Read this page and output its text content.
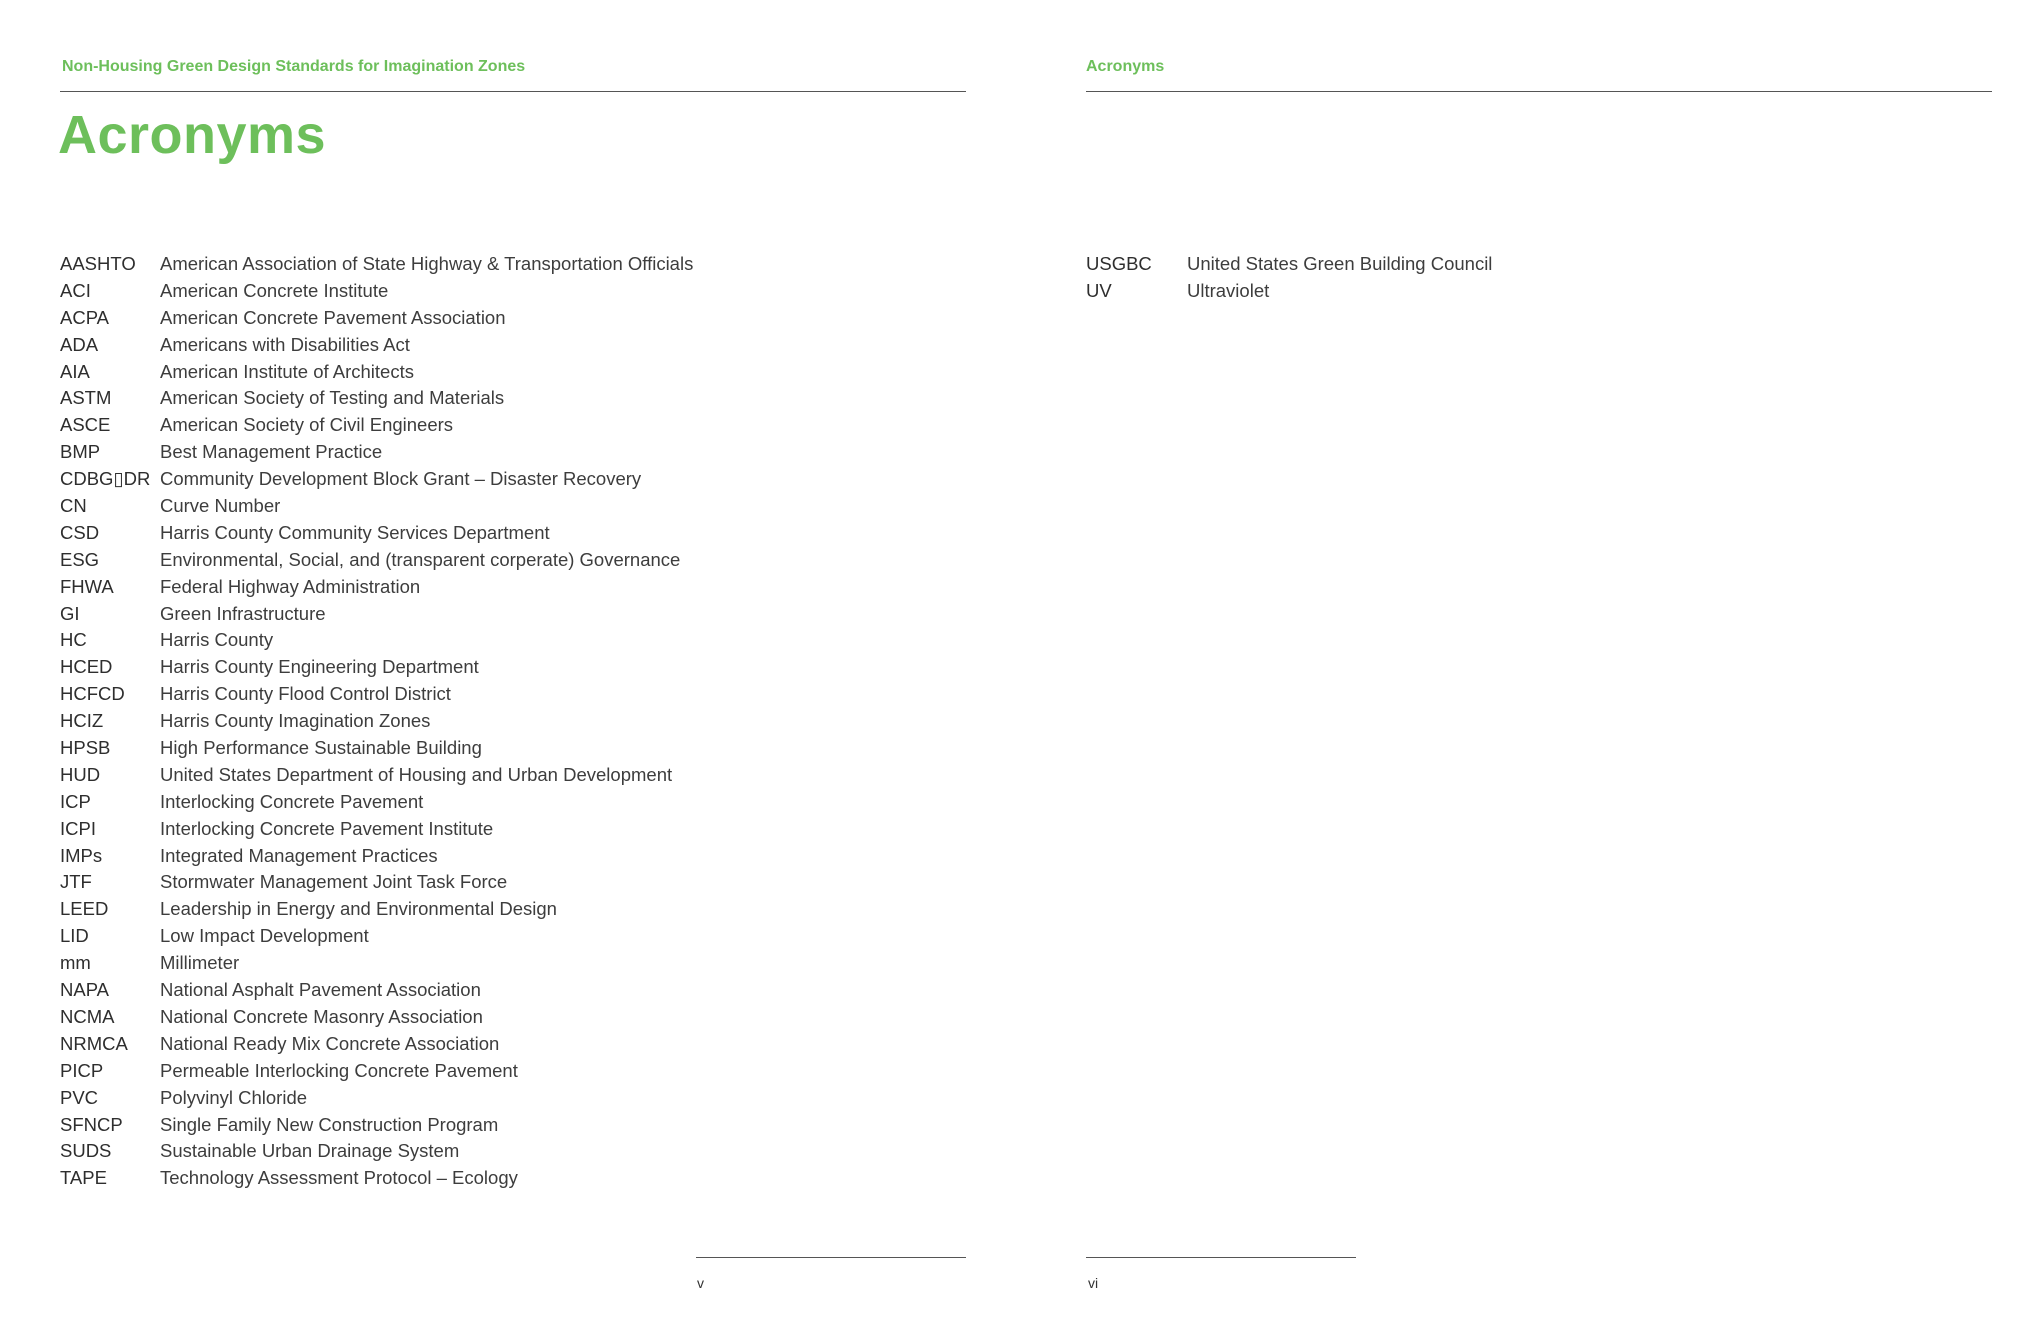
Non-Housing Green Design Standards for Imagination Zones
Acronyms
AASHTO American Association of State Highway & Transportation Officials
ACI	American Concrete Institute
ACPA	American Concrete Pavement Association
ADA	Americans with Disabilities Act
AIA	American Institute of Architects
ASTM	American Society of Testing and Materials
ASCE	American Society of Civil Engineers
BMP	Best Management Practice
CDBG▯DR Community Development Block Grant – Disaster Recovery
CN	Curve Number
CSD	Harris County Community Services Department
ESG	Environmental, Social, and (transparent corperate) Governance
FHWA Federal Highway Administration
GI	Green Infrastructure
HC	Harris County
HCED	Harris County Engineering Department
HCFCD Harris County Flood Control District
HCIZ	Harris County Imagination Zones
HPSB	High Performance Sustainable Building
HUD	United States Department of Housing and Urban Development
ICP	Interlocking Concrete Pavement
ICPI	Interlocking Concrete Pavement Institute
IMPs	Integrated Management Practices
JTF	Stormwater Management Joint Task Force
LEED	Leadership in Energy and Environmental Design
LID	Low Impact Development
mm	Millimeter
NAPA	National Asphalt Pavement Association
NCMA National Concrete Masonry Association
NRMCA National Ready Mix Concrete Association
PICP	Permeable Interlocking Concrete Pavement
PVC	Polyvinyl Chloride
SFNCP Single Family New Construction Program
SUDS	Sustainable Urban Drainage System
TAPE	Technology Assessment Protocol – Ecology
v
Acronyms
USGBC United States Green Building Council
UV	Ultraviolet
vi
